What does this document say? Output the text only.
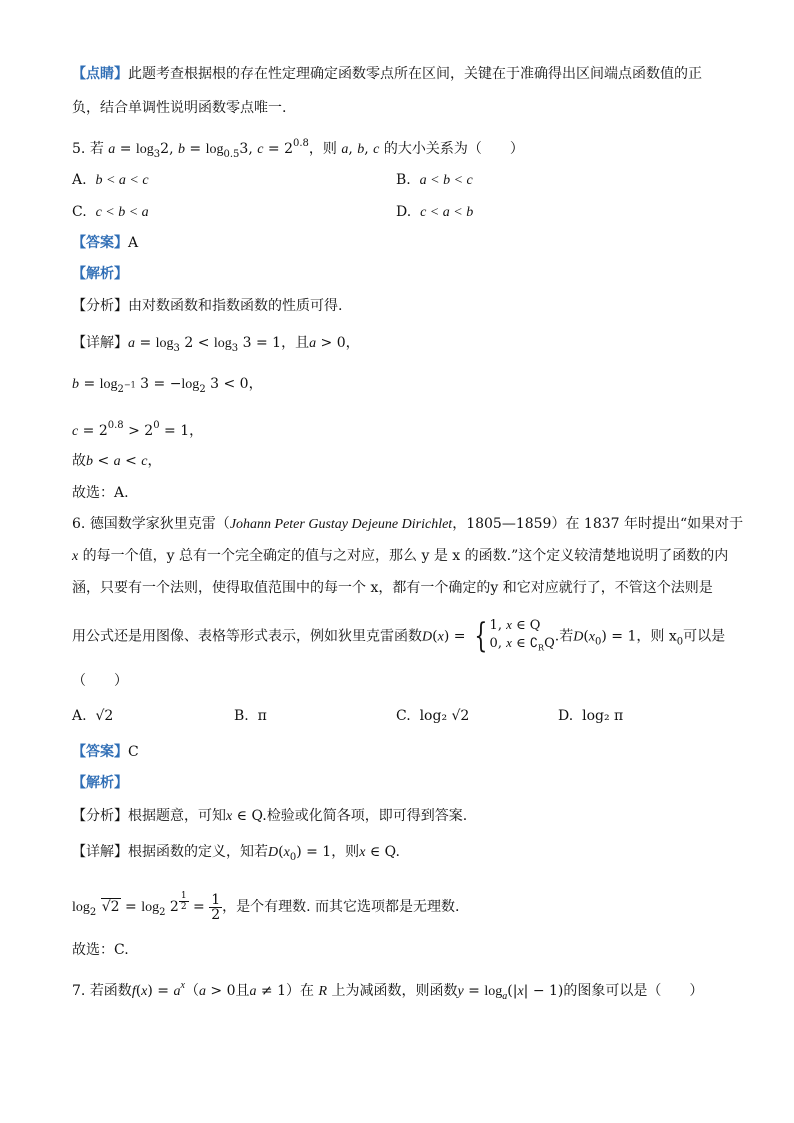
【点睛】此题考查根据根的存在性定理确定函数零点所在区间，关键在于准确得出区间端点函数值的正
负，结合单调性说明函数零点唯一.
5. 若 $a = \log_32$, $b = \log_{0.5}3$, $c = 2^{0.8}$，则 a, b, c 的大小关系为（　　）
A. b < a < c	B. a < b < c
C. c < b < a	D. c < a < b
【答案】A
【解析】
【分析】由对数函数和指数函数的性质可得.
【详解】$a = \log_3 2 < \log_3 3 = 1$，且a > 0，
$b = \log_{2^{-1}} 3 = -\log_2$ 3 < 0，
$c = 2^{0.8} > 2^0 = 1$，
故b < a < c，
故选：A.
6. 德国数学家狄里克雷（Johann Peter Gustay Dejeune Dirichlet，1805—1859）在 1837 年时提出“如果对于
x 的每一个值，y 总有一个完全确定的值与之对应，那么 y 是 x 的函数.”这个定义较清楚地说明了函数的内
涵，只要有一个法则，使得取值范围中的每一个 x，都有一个确定的y 和它对应就行了，不管这个法则是
用公式还是用图像、表格等形式表示，例如狄里克雷函数D(x) = { 1, x ∈ Q
0, x ∈ $∁_RQ$.若$D(x_0) = 1$，则 $x_0$可以是
（　　）
A. √2	B. π	C. log₂ √2	D. log₂ π
【答案】C
【解析】
【分析】根据题意，可知x ∈ Q.检验或化简各项，即可得到答案.
【详解】根据函数的定义，知若$D(x_0) = 1$，则x ∈ Q.
$\log_2 √2 = \log_2 2$ $^{\frac{1}{2}} = \frac{1}{2}$ ，是个有理数. 而其它选项都是无理数.
故选：C.
7. 若函数$f(x) = a^x(a > 0$且a ≠ 1）在 R 上为减函数，则函数$y = \log_a(|x| - 1)$的图象可以是（　　）
